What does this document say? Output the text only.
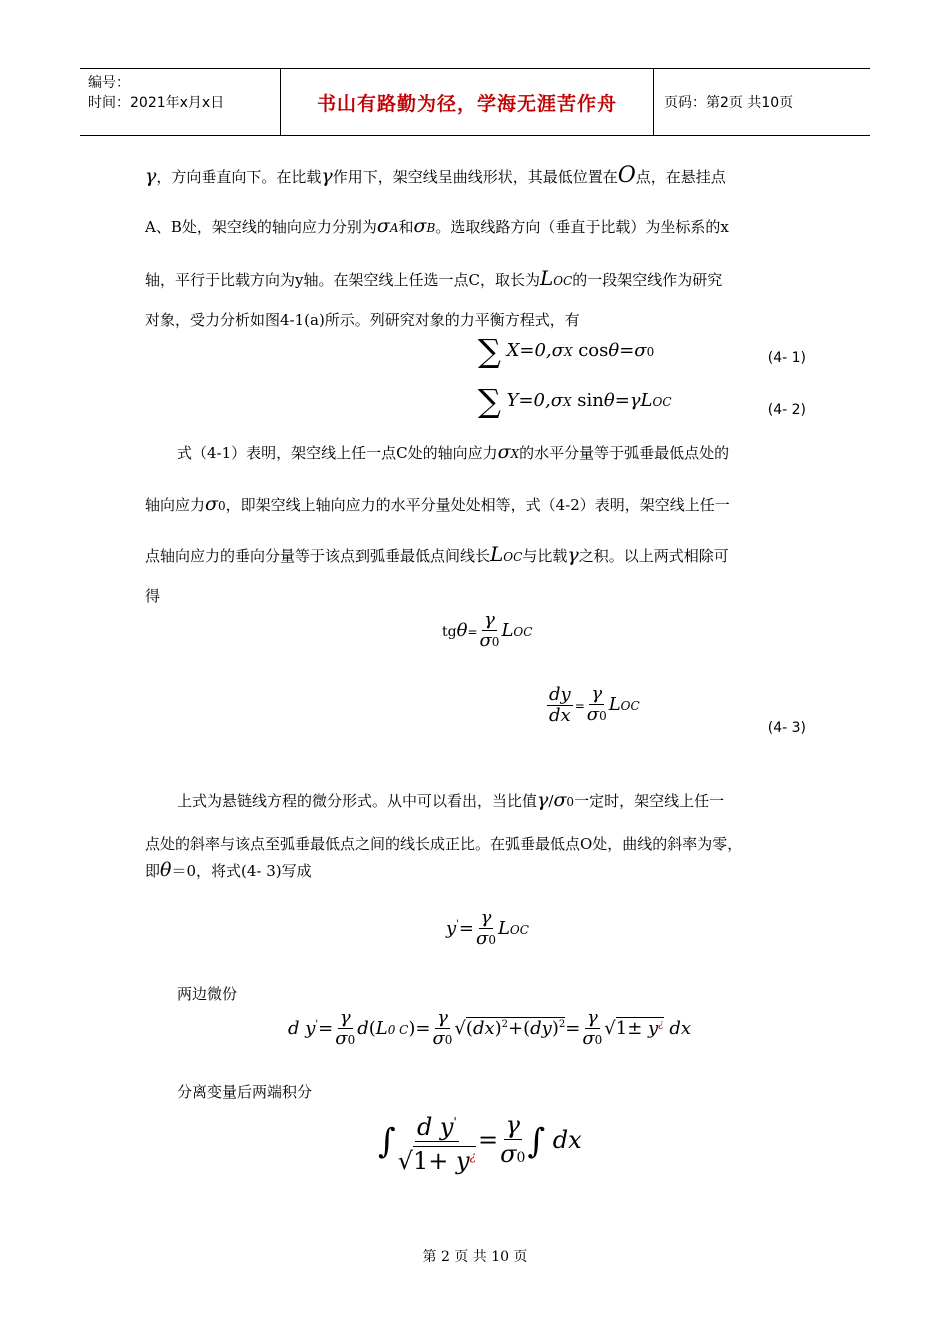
编号：
时间：2021年x月x日	书山有路勤为径，学海无涯苦作舟	页码：第2页 共10页
γ，方向垂直向下。在比载γ作用下，架空线呈曲线形状，其最低位置在O点，在悬挂点
A、B处，架空线的轴向应力分别为σA和σB。选取线路方向（垂直于比载）为坐标系的x
轴，平行于比载方向为y轴。在架空线上任选一点C，取长为LOC的一段架空线作为研究
对象，受力分析如图4-1(a)所示。列研究对象的力平衡方程式，有
∑ X=0,σX cosθ=σ0	(4- 1)
∑ Y=0,σX sinθ=γLOC	(4- 2)
式（4-1）表明，架空线上任一点C处的轴向应力σX的水平分量等于弧垂最低点处的
轴向应力σ0，即架空线上轴向应力的水平分量处处相等，式（4-2）表明，架空线上任一
点轴向应力的垂向分量等于该点到弧垂最低点间线长LOC与比载γ之积。以上两式相除可
得
$tg\theta= \frac{\gamma}{\sigma 0}$ LOC
$\frac{dy}{dx} = \frac{\gamma}{\sigma 0}$ LOC
(4- 3)
上式为悬链线方程的微分形式。从中可以看出，当比值γ/σ0一定时，架空线上任一
点处的斜率与该点至弧垂最低点之间的线长成正比。在弧垂最低点O处，曲线的斜率为零，
即θ＝0，将式(4- 3)写成
$y'= \frac{\gamma}{\sigma 0}$ LOC
两边微份
d $y'= \frac{\gamma}{\sigma 0} d(L0$ $C)= \frac{\gamma}{\sigma 0} √(dx)^2+(dy)^2= \frac{\gamma}{\sigma 0} √1\pm y^¿$ dx
分离变量后两端积分
∫ $\frac{d y'}{√1+ y^¿} = \frac{\gamma}{\sigma 0}$ ∫ dx
第 2 页 共 10 页
